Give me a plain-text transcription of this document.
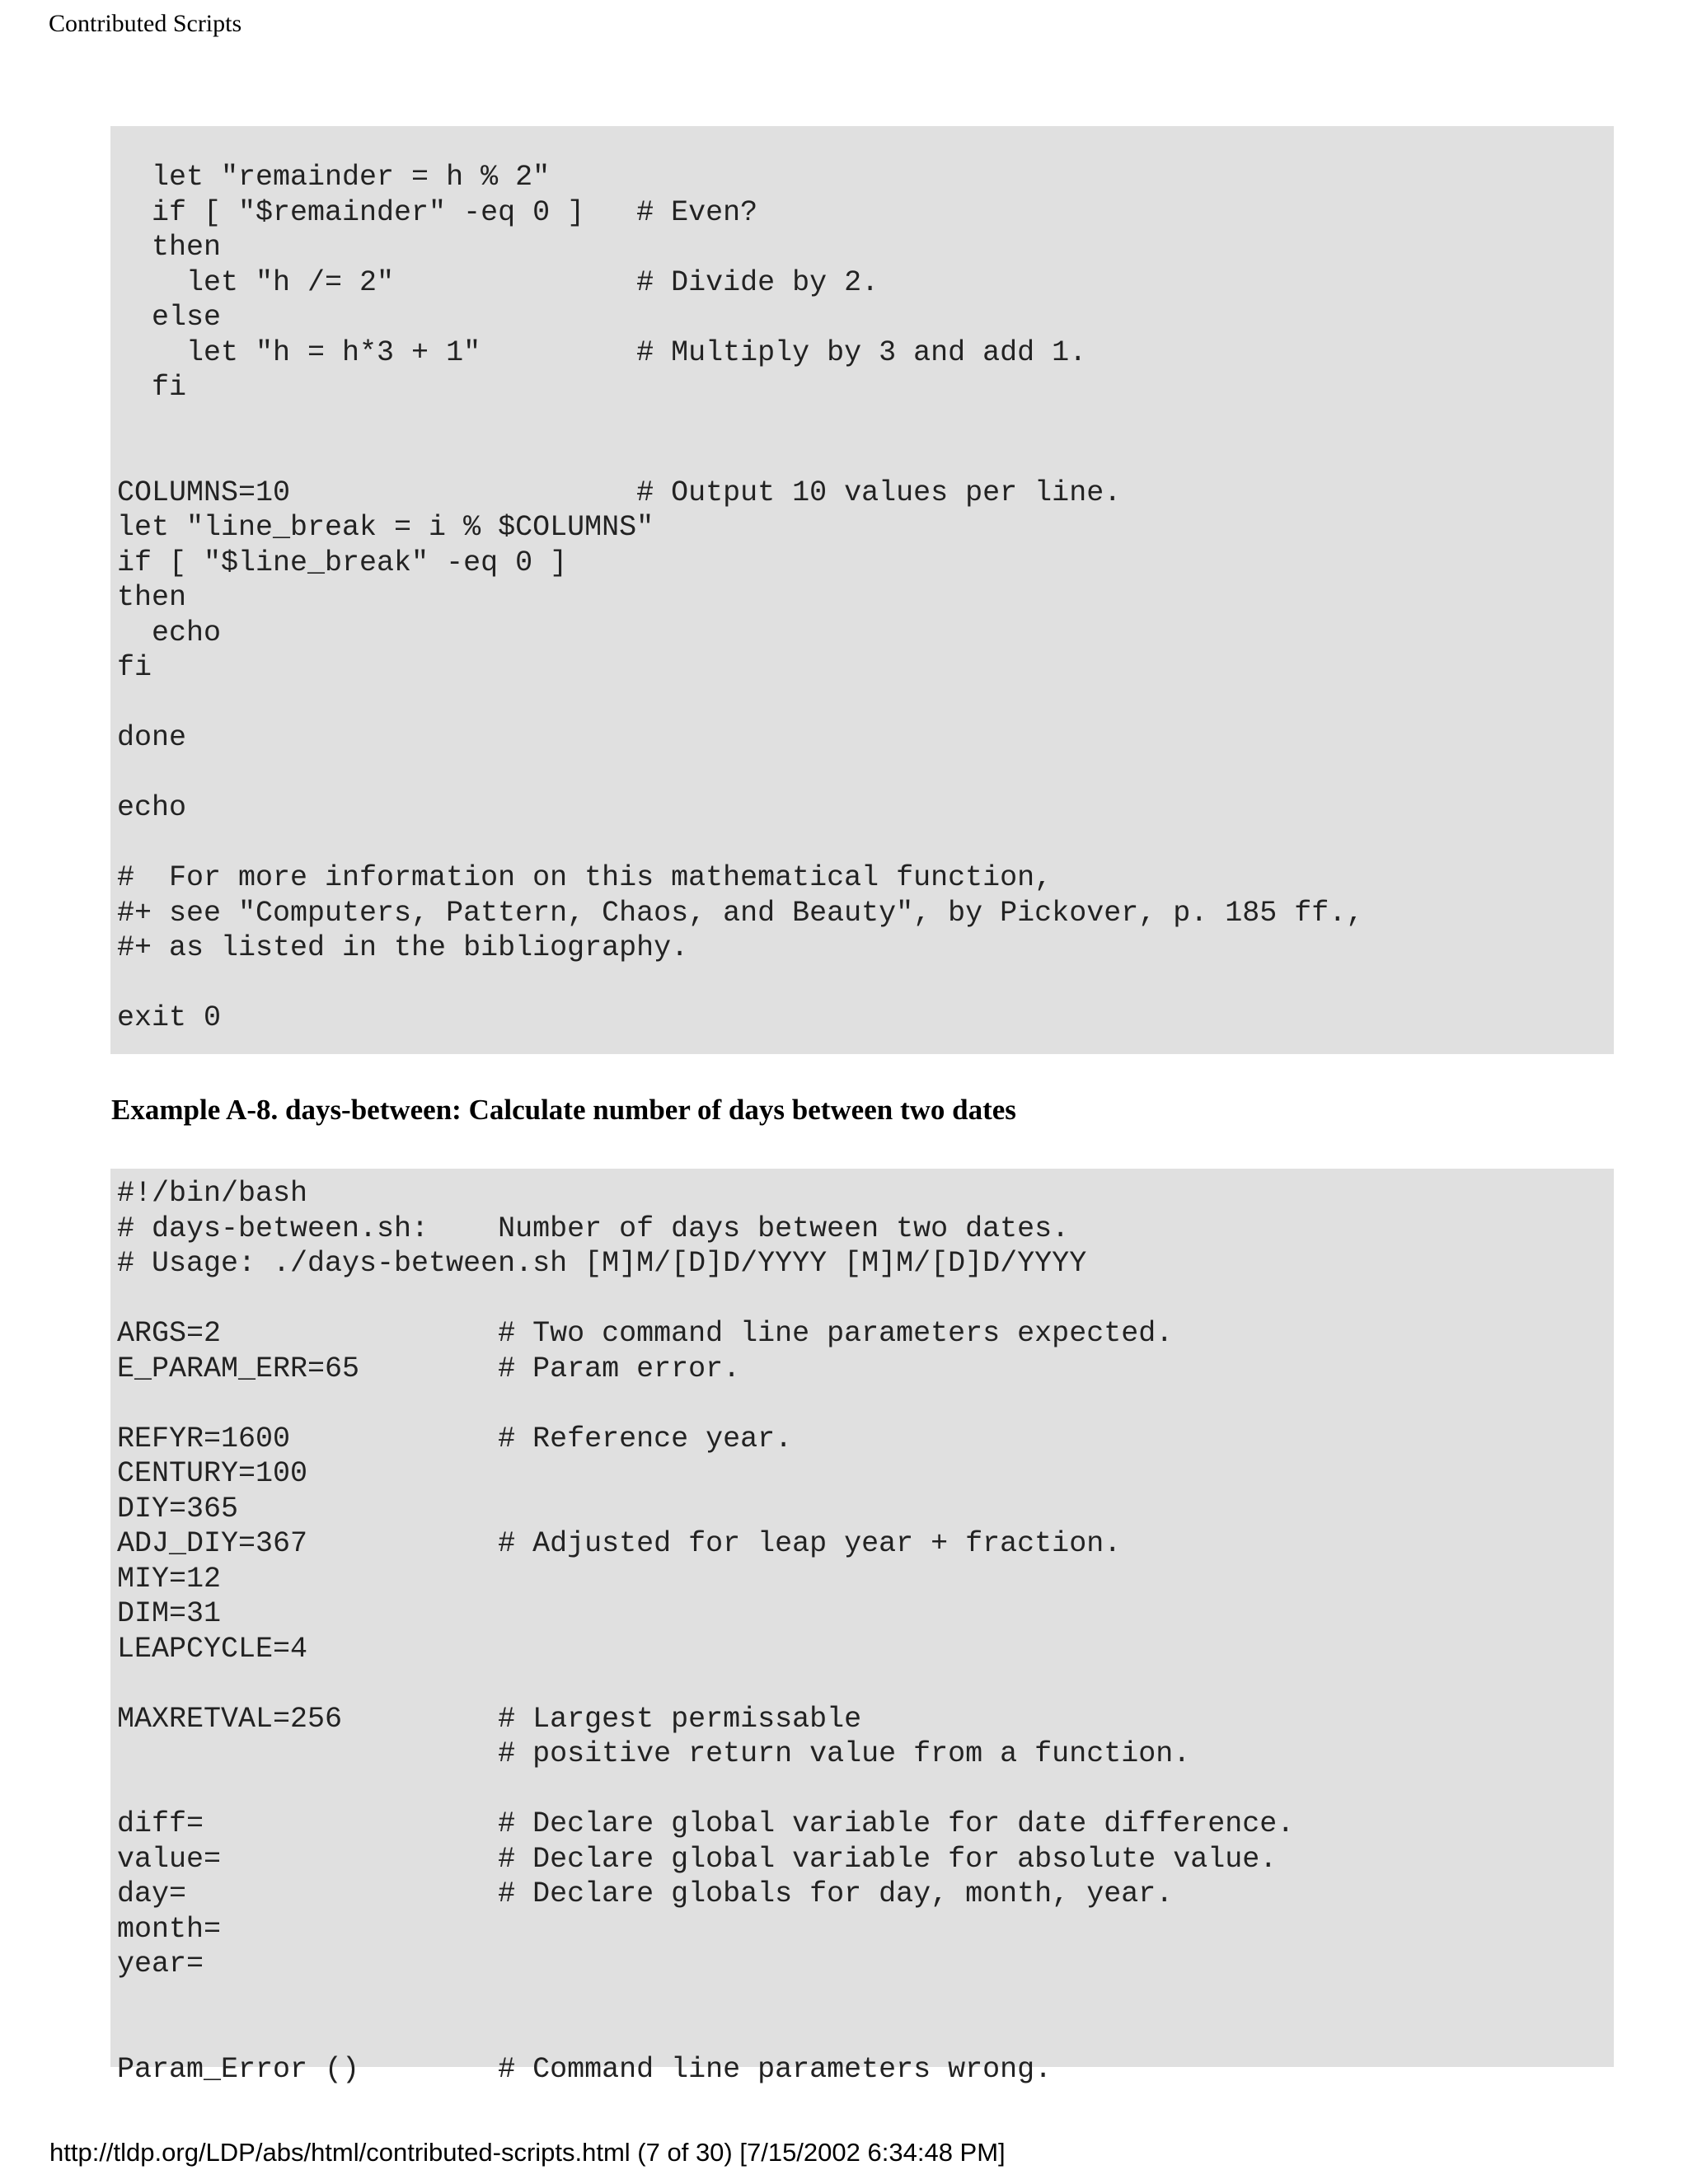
Contributed Scripts
let "remainder = h % 2"
if [ "$remainder" -eq 0 ]   # Even?
then
let "h /= 2"              # Divide by 2.
else
let "h = h*3 + 1"         # Multiply by 3 and add 1.
fi

COLUMNS=10                    # Output 10 values per line.
let "line_break = i % $COLUMNS"
if [ "$line_break" -eq 0 ]
then
echo
fi

done

echo

#  For more information on this mathematical function,
#+ see "Computers, Pattern, Chaos, and Beauty", by Pickover, p. 185 ff.,
#+ as listed in the bibliography.

exit 0
Example A-8. days-between: Calculate number of days between two dates
#!/bin/bash
# days-between.sh:    Number of days between two dates.
# Usage: ./days-between.sh [M]M/[D]D/YYYY [M]M/[D]D/YYYY

ARGS=2                # Two command line parameters expected.
E_PARAM_ERR=65        # Param error.

REFYR=1600            # Reference year.
CENTURY=100
DIY=365
ADJ_DIY=367           # Adjusted for leap year + fraction.
MIY=12
DIM=31
LEAPCYCLE=4

MAXRETVAL=256         # Largest permissable
# positive return value from a function.

diff=                 # Declare global variable for date difference.
value=                # Declare global variable for absolute value.
day=                  # Declare globals for day, month, year.
month=
year=

Param_Error ()        # Command line parameters wrong.
http://tldp.org/LDP/abs/html/contributed-scripts.html (7 of 30) [7/15/2002 6:34:48 PM]
